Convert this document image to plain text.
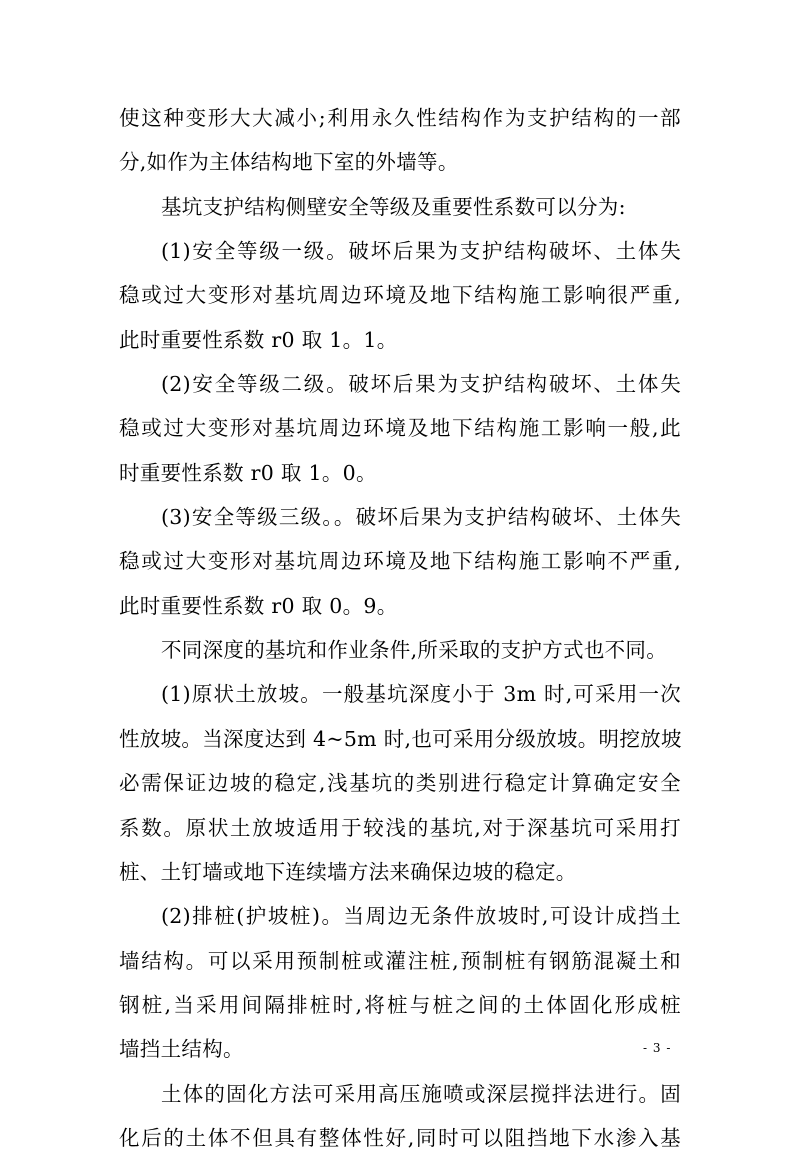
使这种变形大大减小;利用永久性结构作为支护结构的一部
分,如作为主体结构地下室的外墙等。
基坑支护结构侧壁安全等级及重要性系数可以分为:
(1)安全等级一级。破坏后果为支护结构破坏、土体失
稳或过大变形对基坑周边环境及地下结构施工影响很严重,
此时重要性系数 r0 取 1。1。
(2)安全等级二级。破坏后果为支护结构破坏、土体失
稳或过大变形对基坑周边环境及地下结构施工影响一般,此
时重要性系数 r0 取 1。0。
(3)安全等级三级。。破坏后果为支护结构破坏、土体失
稳或过大变形对基坑周边环境及地下结构施工影响不严重,
此时重要性系数 r0 取 0。9。
不同深度的基坑和作业条件,所采取的支护方式也不同。
(1)原状土放坡。一般基坑深度小于 3m 时,可采用一次
性放坡。当深度达到 4~5m 时,也可采用分级放坡。明挖放坡
必需保证边坡的稳定,浅基坑的类别进行稳定计算确定安全
系数。原状土放坡适用于较浅的基坑,对于深基坑可采用打
桩、土钉墙或地下连续墙方法来确保边坡的稳定。
(2)排桩(护坡桩)。当周边无条件放坡时,可设计成挡土
墙结构。可以采用预制桩或灌注桩,预制桩有钢筋混凝土和
钢桩,当采用间隔排桩时,将桩与桩之间的土体固化形成桩
墙挡土结构。
土体的固化方法可采用高压施喷或深层搅拌法进行。固
化后的土体不但具有整体性好,同时可以阻挡地下水渗入基
- 3 -
